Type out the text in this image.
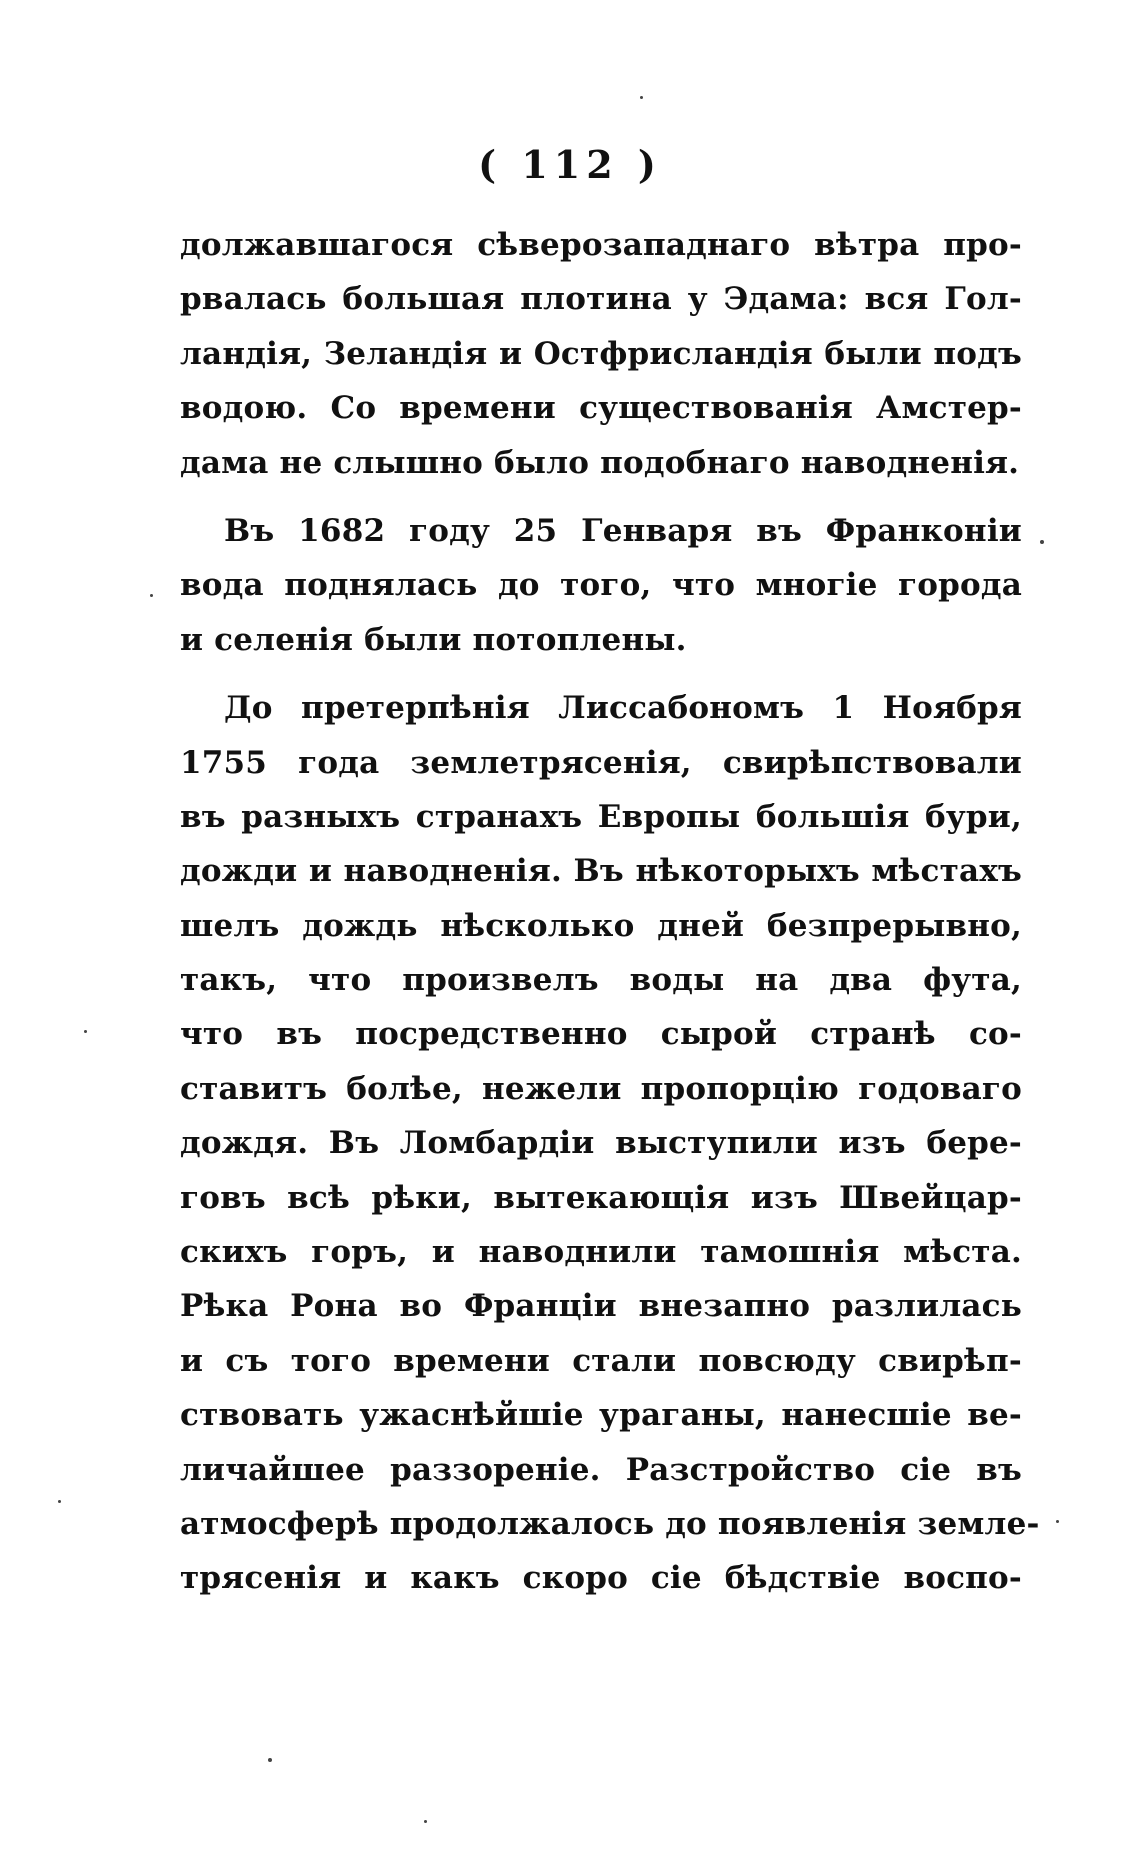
( 112 )
должавшагося сѣверозападнаго вѣтра про-
рвалась большая плотина у Эдама: вся Гол-
ландія, Зеландія и Остфрисландія были подъ
водою. Со времени существованія Амстер-
дама не слышно было подобнаго наводненія.
Въ 1682 году 25 Генваря въ Франконіи
вода поднялась до того, что многіе города
и селенія были потоплены.
До претерпѣнія Лиссабономъ 1 Ноября
1755 года землетрясенія, свирѣпствовали
въ разныхъ странахъ Европы большія бури,
дожди и наводненія. Въ нѣкоторыхъ мѣстахъ
шелъ дождь нѣсколько дней безпрерывно,
такъ, что произвелъ воды на два фута,
что въ посредственно сырой странѣ со-
ставитъ болѣе, нежели пропорцію годоваго
дождя. Въ Ломбардіи выступили изъ бере-
говъ всѣ рѣки, вытекающія изъ Швейцар-
скихъ горъ, и наводнили тамошнія мѣста.
Рѣка Рона во Франціи внезапно разлилась
и съ того времени стали повсюду свирѣп-
ствовать ужаснѣйшіе ураганы, нанесшіе ве-
личайшее раззореніе. Разстройство сіе въ
атмосферѣ продолжалось до появленія земле-
трясенія и какъ скоро сіе бѣдствіе воспо-
